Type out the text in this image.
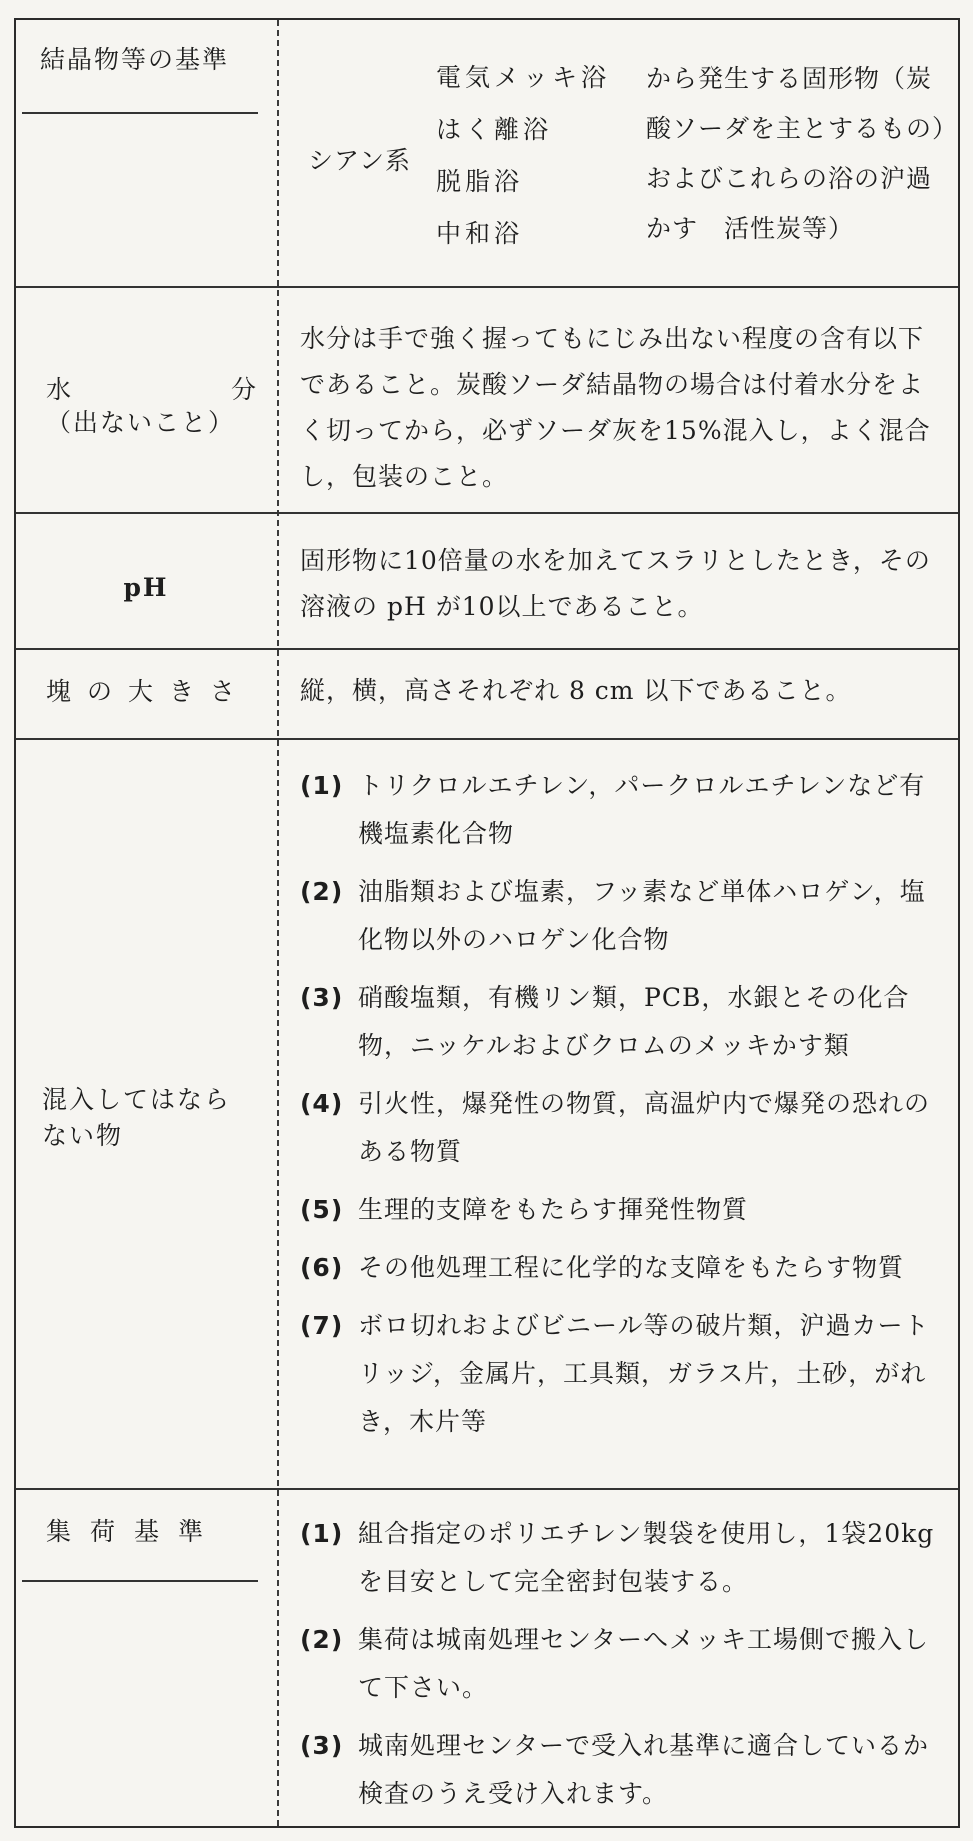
結晶物等の基準
シアン系
電気メッキ浴
はく離浴
脱脂浴
中和浴
から発生する固形物（炭酸ソーダを主とするもの）およびこれらの浴の沪過かす　活性炭等）
水	分
（出ないこと）
水分は手で強く握ってもにじみ出ない程度の含有以下であること。炭酸ソーダ結晶物の場合は付着水分をよく切ってから，必ずソーダ灰を15%混入し，よく混合し，包装のこと。
pH
固形物に10倍量の水を加えてスラリとしたとき，その溶液の pH が10以上であること。
塊の大きさ 縦，横，高さそれぞれ 8 cm 以下であること。
混入してはならない物
(1) トリクロルエチレン，パークロルエチレンなど有機塩素化合物
(2) 油脂類および塩素，フッ素など単体ハロゲン，塩化物以外のハロゲン化合物
(3) 硝酸塩類，有機リン類，PCB，水銀とその化合物，ニッケルおよびクロムのメッキかす類
(4) 引火性，爆発性の物質，高温炉内で爆発の恐れのある物質
(5) 生理的支障をもたらす揮発性物質
(6) その他処理工程に化学的な支障をもたらす物質
(7) ボロ切れおよびビニール等の破片類，沪過カートリッジ，金属片，工具類，ガラス片，土砂，がれき，木片等
集荷基準	(1) 組合指定のポリエチレン製袋を使用し，1袋20kg を目安として完全密封包装する。
(2) 集荷は城南処理センターへメッキ工場側で搬入して下さい。
(3) 城南処理センターで受入れ基準に適合しているか検査のうえ受け入れます。
